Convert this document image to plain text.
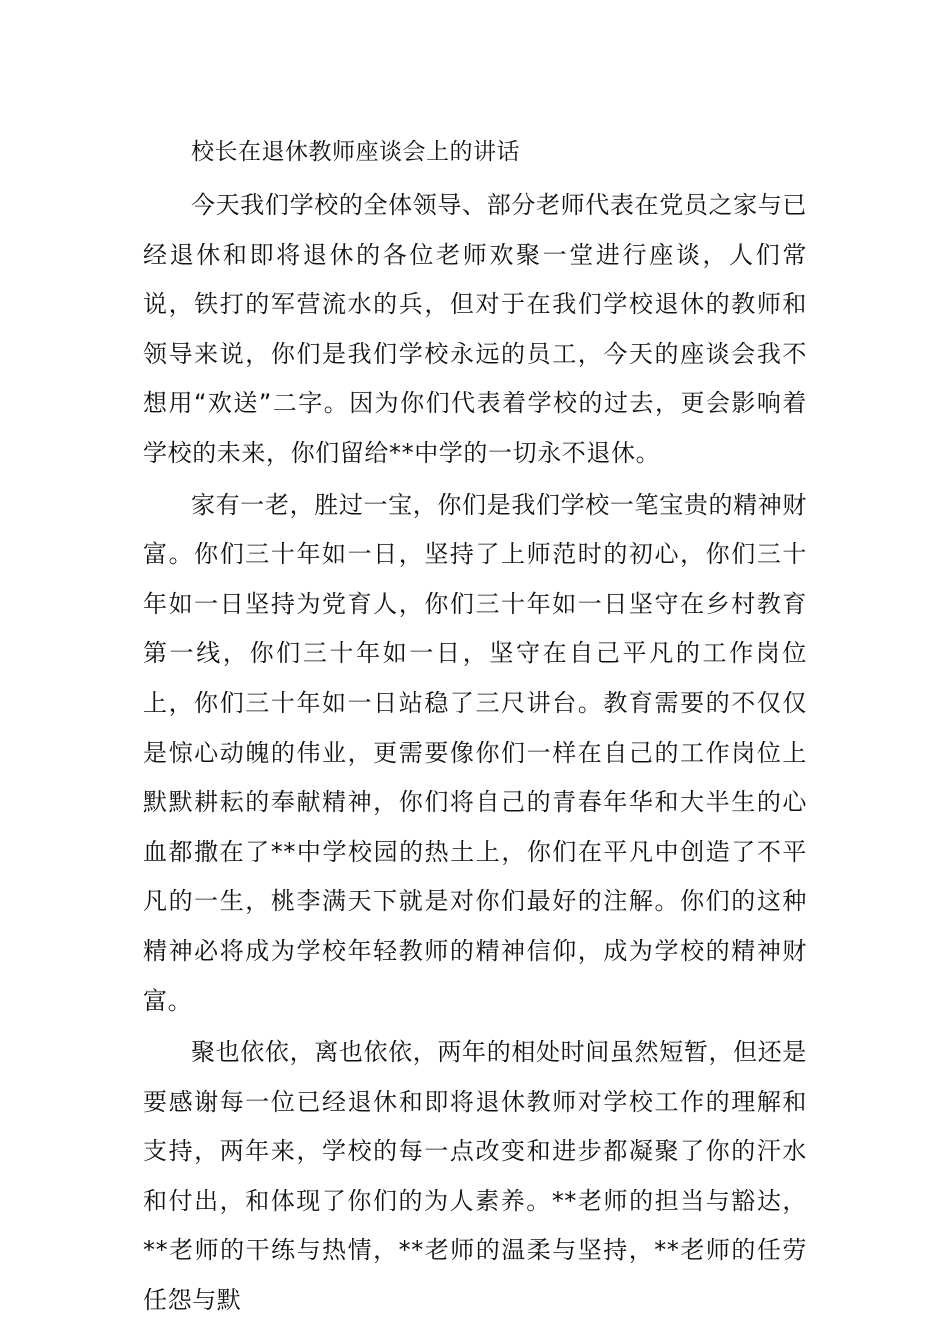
校长在退休教师座谈会上的讲话

今天我们学校的全体领导、部分老师代表在党员之家与已经退休和即将退休的各位老师欢聚一堂进行座谈，人们常说，铁打的军营流水的兵，但对于在我们学校退休的教师和领导来说，你们是我们学校永远的员工，今天的座谈会我不想用“欢送”二字。因为你们代表着学校的过去，更会影响着学校的未来，你们留给**中学的一切永不退休。

家有一老，胜过一宝，你们是我们学校一笔宝贵的精神财富。你们三十年如一日，坚持了上师范时的初心，你们三十年如一日坚持为党育人，你们三十年如一日坚守在乡村教育第一线，你们三十年如一日，坚守在自己平凡的工作岗位上，你们三十年如一日站稳了三尺讲台。教育需要的不仅仅是惊心动魄的伟业，更需要像你们一样在自己的工作岗位上默默耕耘的奉献精神，你们将自己的青春年华和大半生的心血都撒在了**中学校园的热土上，你们在平凡中创造了不平凡的一生，桃李满天下就是对你们最好的注解。你们的这种精神必将成为学校年轻教师的精神信仰，成为学校的精神财富。

聚也依依，离也依依，两年的相处时间虽然短暂，但还是要感谢每一位已经退休和即将退休教师对学校工作的理解和支持，两年来，学校的每一点改变和进步都凝聚了你的汗水和付出，和体现了你们的为人素养。**老师的担当与豁达，**老师的干练与热情，**老师的温柔与坚持，**老师的任劳任怨与默
